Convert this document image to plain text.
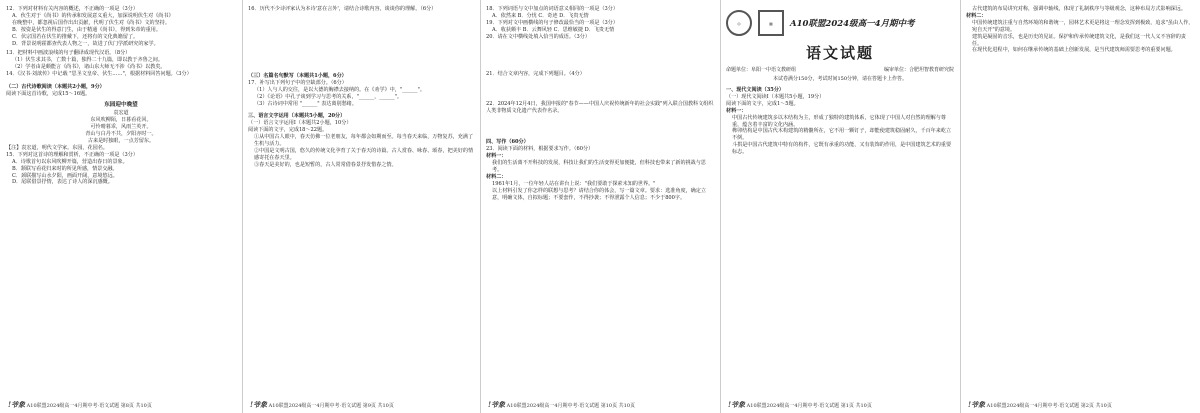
12．下列对材料有关内容的概述，不正确的一项是（3分）

A．伙生对于《尚书》的传承和发展意义重大，加深说明伏生对《尚书》

在晚整中，都忽视后国作出出贡献，代明了伏生对《尚书》文的坚持。

B．按姿是伏生的得意门生，由于精通《尚书》，得到朱帝的重用。

C．伏宗国若在伏生的推戴下，还将有的文化典籍留了。

D．背景说明霍都查代表人物之一，故进了伏门学派研究的家学。

13．把材料中画波浪线的句子翻译成现代汉语。（8分）

（1）伏生求其书，亡数十篇，独得二十九篇，即以教于齐鲁之间。

（2）学者由是颇能言《尚书》，诸山东大师无不涉《尚书》以教矣。

14．《汉书·刘歆传》中记载 "思圣文皇帝、伏生……"，根据材料回答问题。（3分）

（二）古代诗歌阅读（本题共2小题，9分）

阅读下面这首诗歌，完成15～16题。

东园迎中晚望

袁宏道

东风吹柳陌，日暮看花回。

可怜晴暮乖，风雨兰英开。

青山与白丹不共，夕阳亦时一。

古来是时独眼，一点芳留东。

【注】袁宏道，明代文学家。东园，花园名。

15．下列对这首诗的理解和赏析，不正确的一项是（3分）

A．诗歌首句以东风吹柳开篇，营造出春日的景象。

B．颔联写看花归来时的所见所感，情景交融。

C．颈联描写山水夕阳，画面开阔，意境悠远。

D．尾联借景抒情，表达了诗人的深沉感慨。

!爷象 A10联盟2024级高一4月期中考·语文试题 第8页 共10页

16．历代不少诗评家认为本诗'意在言外'，请结合诗歌内容，谈谈你的理解。（6分）

（三）名篇名句默写（本题共1小题，6分）

17．补写出下列句子中的空缺部分。（6分）

（1）人与人的交往，是以大德的胸襟去接纳的。在《劝学》中，"______"。

（2）《论语》中孔子谈到学习与思考的关系，"______，______"。

（3）古诗词中常用 "______" 表达离别愁绪。

三、语言文字运用（本题共5小题，20分）

（一）语言文字运用Ⅰ（本题共2小题，10分）

阅读下面的文字，完成18～22题。

①从中国古人眼中，春天仿佛一位老朋友，每年都会如期而至。每当春天来临，万物复苏，充满了生机与活力。

②中国是文明古国，悠久的传统文化孕育了关于春天的诗篇。古人赏春、咏春、颂春，把美好的情感寄托在春天里。

③春天是美好的，也是短暂的，古人常常借春景抒发惜春之情。

!爷象 A10联盟2024级高一4月期中考·语文试题 第9页 共10页

18．下列词语与文中加点的词语意义相同的一项是（3分）

A．依然来 B．分忧 C．奇迹 D．飞贵无情

19．下列对文中画横线的句子修改最恰当的一项是（3分）

A．收获颇丰 B．云舞风轻 C．思维敏捷 D．飞贵无情

20．请在文中横线处填入恰当的成语。（3分）

21．结合文章内容，完成下列题目。（4分）

22．2024年12月4日，我国申报的"春节——中国人庆祝传统新年的社会实践"列入联合国教科文组织人类非物质文化遗产代表作名录。

四、写作（60分）

23．阅读下面的材料，根据要求写作。（60分）

材料一：

我们的生活离不开科技的发展，科技让我们的生活变得更加便捷，但科技也带来了新的挑战与思考。

材料二：

1961年1月，一位年轻人站在讲台上说："我们要敢于探索未知的世界。"

以上材料引发了你怎样的联想与思考？请结合你的体会，写一篇文章。要求：选准角度，确定立意，明确文体，自拟标题；不要套作，不得抄袭；不得泄露个人信息；不少于800字。

!爷象 A10联盟2024级高一4月期中考·语文试题 第10页 共10页
◎	▦	A10联盟2024级高一4月期中考

语文试题

命题单位：阜阳一中语文教研组	编审单位：合肥坦智教育研究院

本试卷满分150分，考试时间150分钟，请在答题卡上作答。

一、现代文阅读（35分）

（一）现代文阅读Ⅰ（本题共5小题，19分）

阅读下面的文字，完成1～5题。

材料一：

中国古代传统建筑多以木结构为主，形成了独特的建筑体系，它体现了中国人对自然的理解与尊重，蕴含着丰富的文化内涵。

榫卯结构是中国古代木构建筑的精髓所在，它不用一颗钉子，却能使建筑稳固耐久，千百年来屹立不倒。

斗拱是中国古代建筑中特有的构件，它既有承重的功能，又有装饰的作用，是中国建筑艺术的重要标志。

!爷象 A10联盟2024级高一4月期中考·语文试题 第1页 共10页

古代建筑的布局讲究对称，强调中轴线，体现了礼制秩序与等级观念，这种布局方式影响深远。

材料二：

中国传统建筑注重与自然环境的和谐统一，园林艺术更是将这一理念发挥到极致，追求"虽由人作，宛自天开"的意境。

建筑是凝固的音乐，也是历史的见证。保护和传承传统建筑文化，是我们这一代人义不容辞的责任。

在现代化进程中，如何在继承传统的基础上创新发展，是当代建筑师需要思考的重要问题。

!爷象 A10联盟2024级高一4月期中考·语文试题 第2页 共10页
